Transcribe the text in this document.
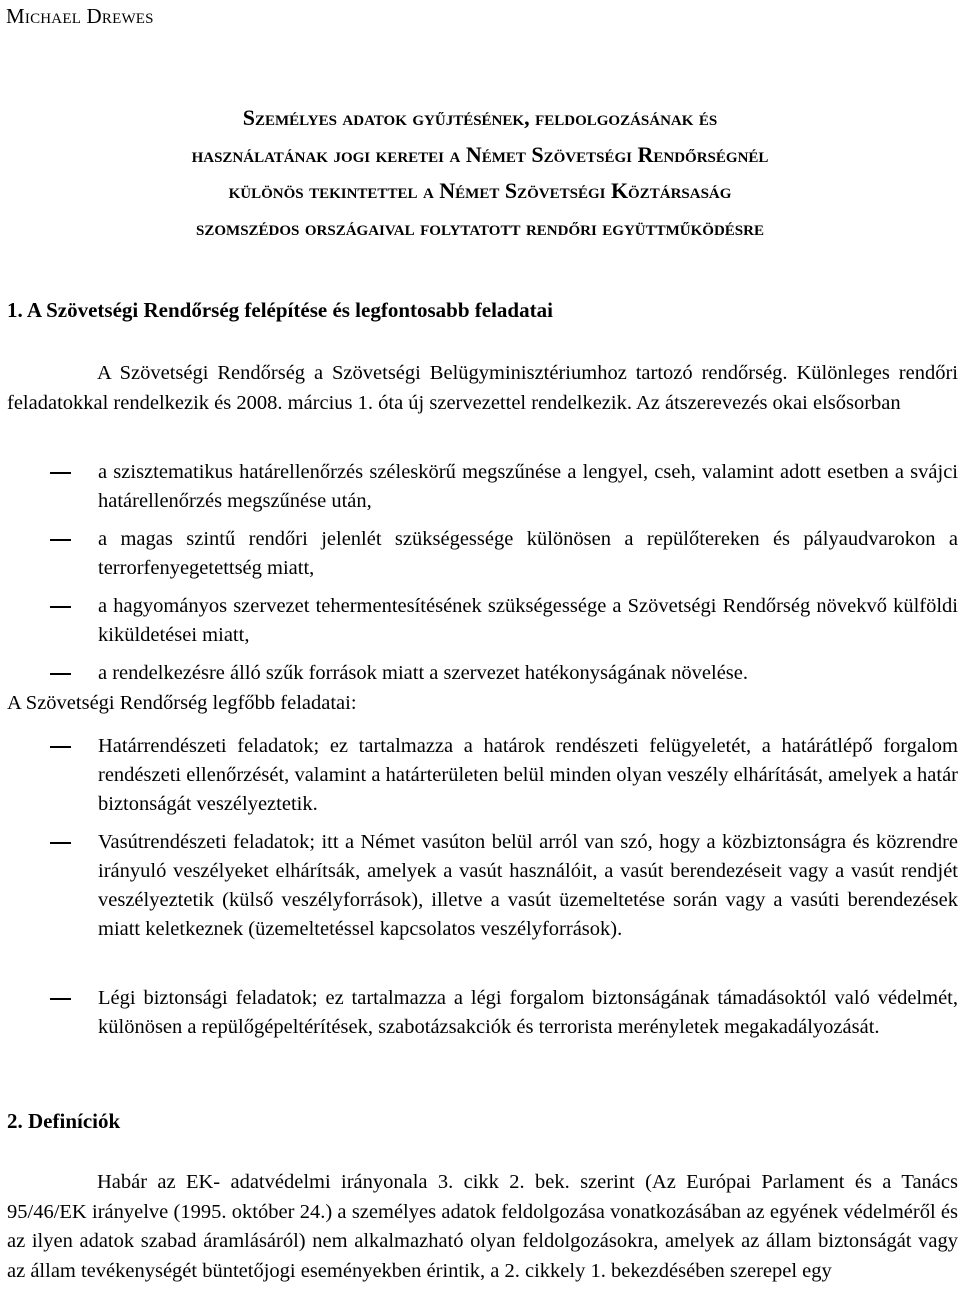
Michael Drewes
Személyes adatok gyűjtésének, feldolgozásának és
használatának jogi keretei a Német Szövetségi Rendőrségnél
különös tekintettel a Német Szövetségi Köztársaság
szomszédos országaival folytatott rendőri együttműködésre
1. A Szövetségi Rendőrség felépítése és legfontosabb feladatai
A Szövetségi Rendőrség a Szövetségi Belügyminisztériumhoz tartozó rendőrség. Különleges rendőri feladatokkal rendelkezik és 2008. március 1. óta új szervezettel rendelkezik. Az átszerevezés okai elsősorban
a szisztematikus határellenőrzés széleskörű megszűnése a lengyel, cseh, valamint adott esetben a svájci határellenőrzés megszűnése után,
a magas szintű rendőri jelenlét szükségessége különösen a repülőtereken és pályaudvarokon a terrorfenyegetettség miatt,
a hagyományos szervezet tehermentesítésének szükségessége a Szövetségi Rendőrség növekvő külföldi kiküldetései miatt,
a rendelkezésre álló szűk források miatt a szervezet hatékonyságának növelése.
A Szövetségi Rendőrség legfőbb feladatai:
Határrendészeti feladatok; ez tartalmazza a határok rendészeti felügyeletét, a határátlépő forgalom rendészeti ellenőrzését, valamint a határterületen belül minden olyan veszély elhárítását, amelyek a határ biztonságát veszélyeztetik.
Vasútrendészeti feladatok; itt a Német vasúton belül arról van szó, hogy a közbiztonságra és közrendre irányuló veszélyeket elhárítsák, amelyek a vasút használóit, a vasút berendezéseit vagy a vasút rendjét veszélyeztetik (külső veszélyforrások), illetve a vasút üzemeltetése során vagy a vasúti berendezések miatt keletkeznek (üzemeltetéssel kapcsolatos veszélyforrások).
Légi biztonsági feladatok; ez tartalmazza a légi forgalom biztonságának támadásoktól való védelmét, különösen a repülőgépeltérítések, szabotázsakciók és terrorista merényletek megakadályozását.
2. Definíciók
Habár az EK- adatvédelmi irányonala 3. cikk 2. bek. szerint (Az Európai Parlament és a Tanács 95/46/EK irányelve (1995. október 24.) a személyes adatok feldolgozása vonatkozásában az egyének védelméről és az ilyen adatok szabad áramlásáról) nem alkalmazható olyan feldolgozásokra, amelyek az állam biztonságát vagy az állam tevékenységét büntetőjogi eseményekben érintik, a 2. cikkely 1. bekezdésében szerepel egy
